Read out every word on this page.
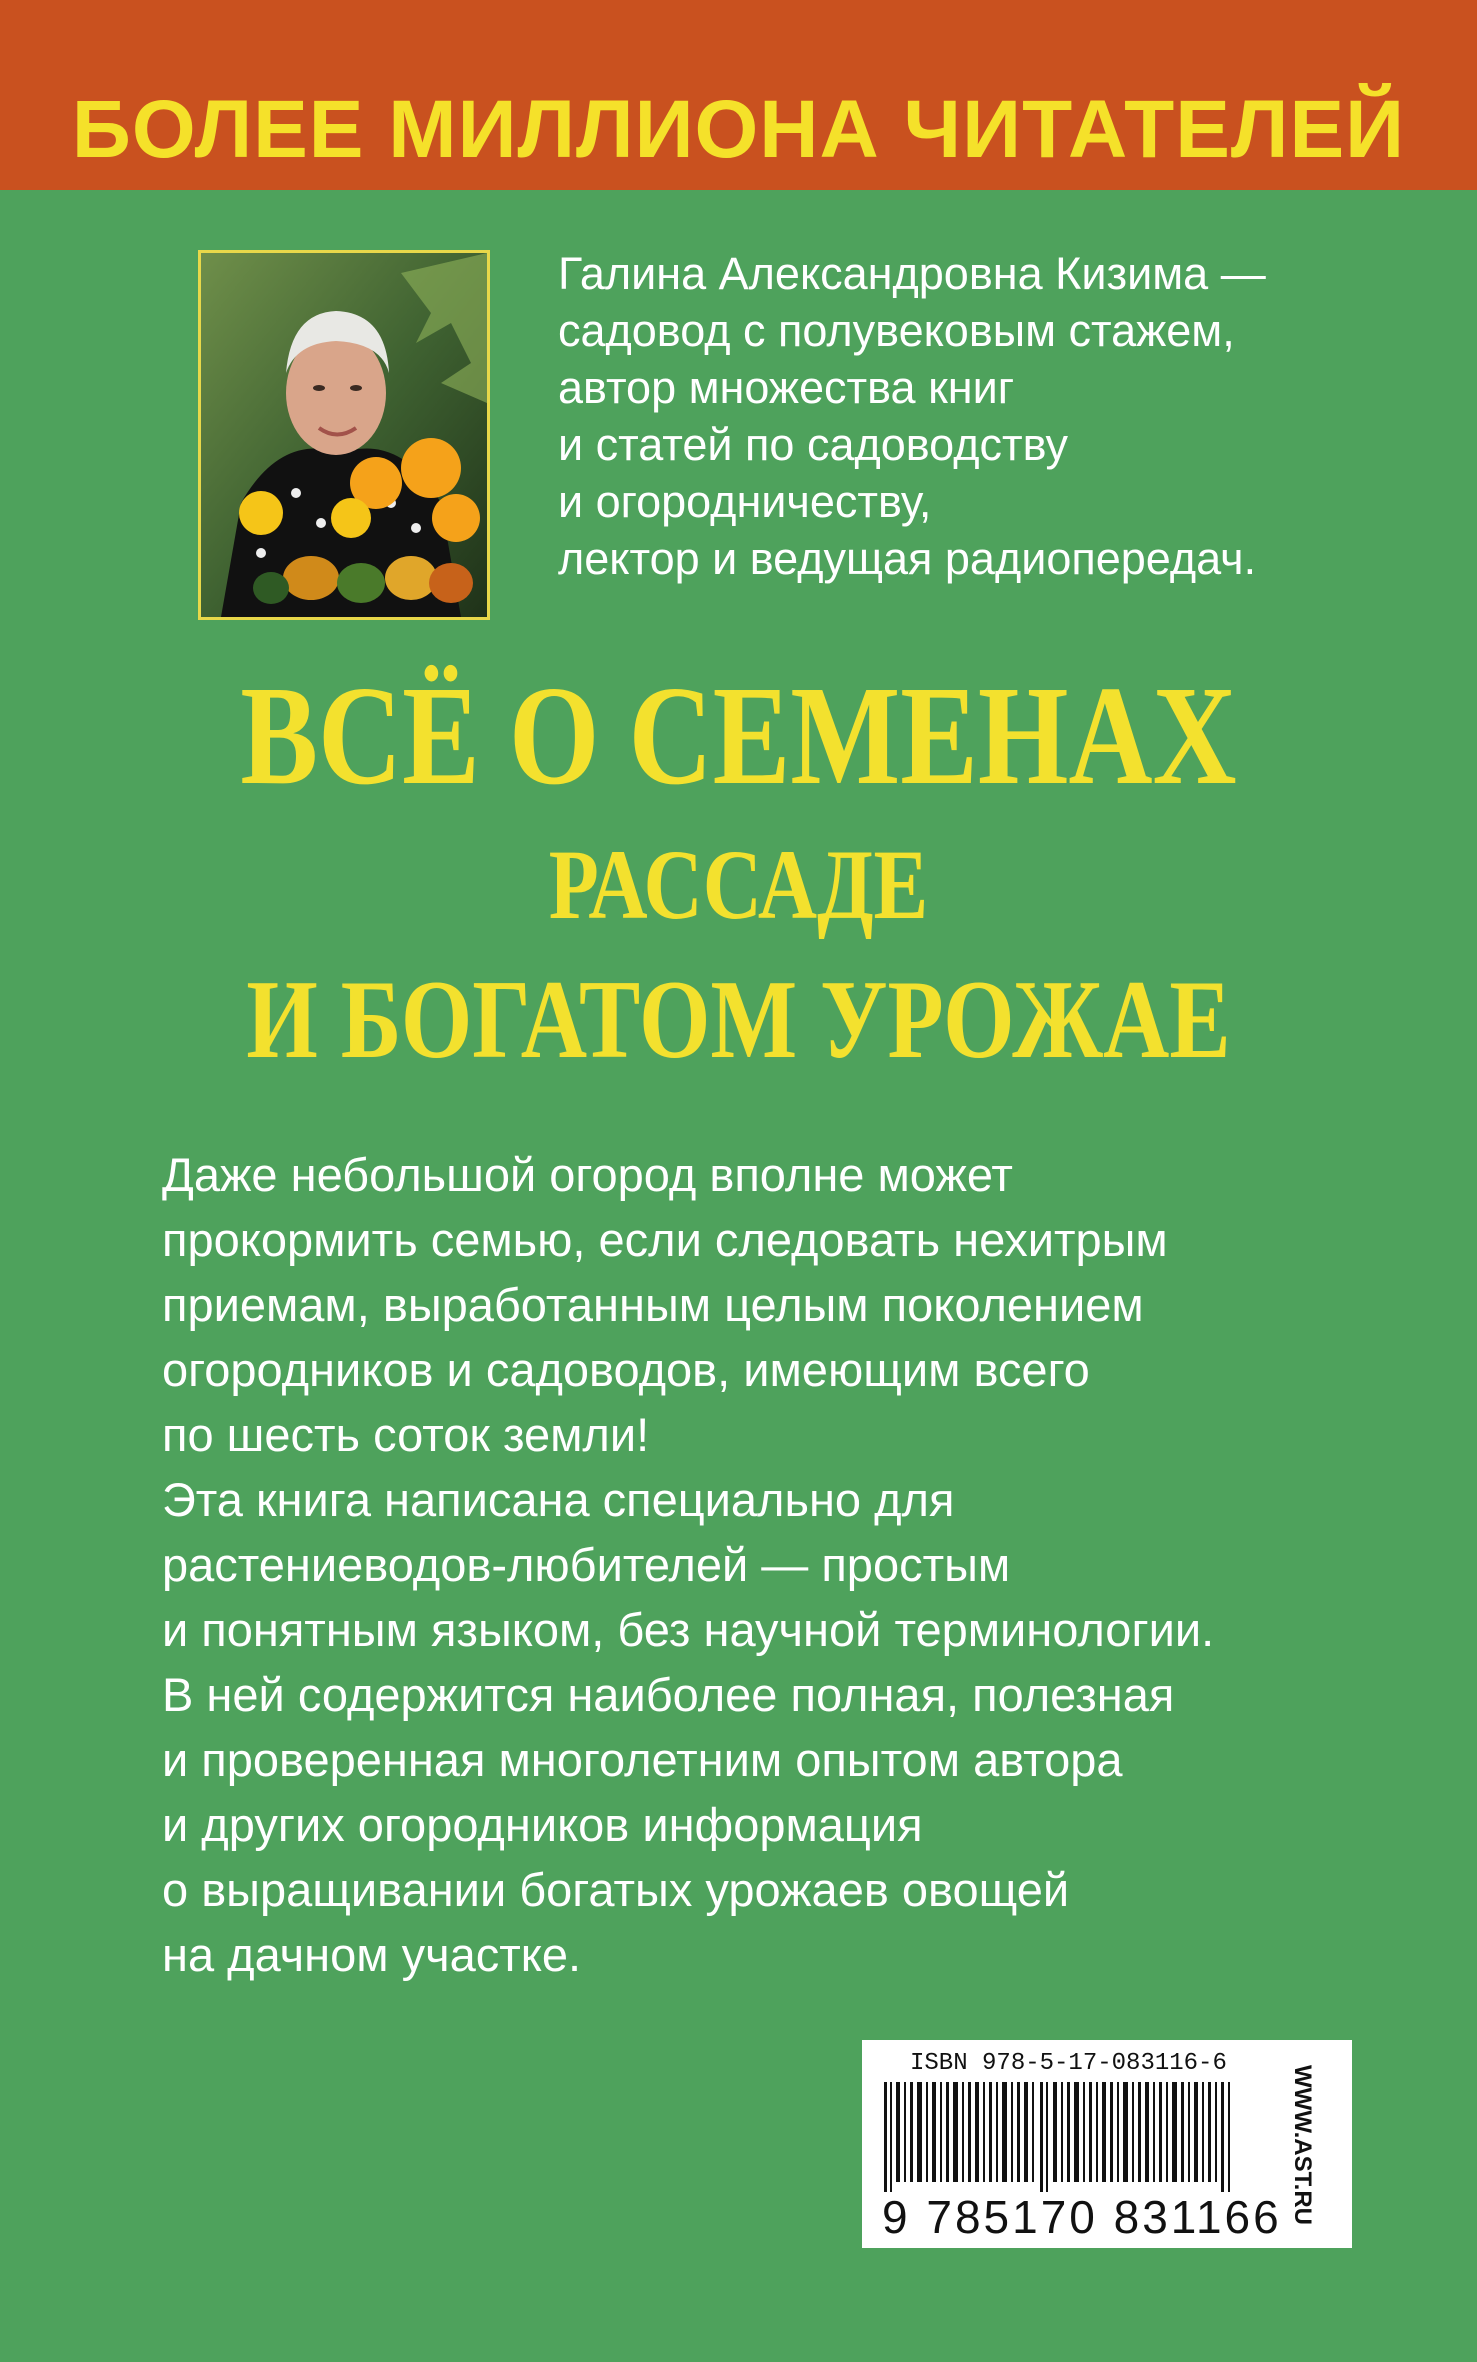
БОЛЕЕ МИЛЛИОНА ЧИТАТЕЛЕЙ
Галина Александровна Кизима —
садовод с полувековым стажем,
автор множества книг
и статей по садоводству
и огородничеству,
лектор и ведущая радиопередач.
ВСЁ О СЕМЕНАХ
РАССАДЕ
И БОГАТОМ УРОЖАЕ
Даже небольшой огород вполне может
прокормить семью, если следовать нехитрым
приемам, выработанным целым поколением
огородников и садоводов, имеющим всего
по шесть соток земли!
Эта книга написана специально для
растениеводов-любителей — простым
и понятным языком, без научной терминологии.
В ней содержится наиболее полная, полезная
и проверенная многолетним опытом автора
и других огородников информация
о выращивании богатых урожаев овощей
на дачном участке.
ISBN 978-5-17-083116-6
9 785170 831166 WWW.AST.RU
